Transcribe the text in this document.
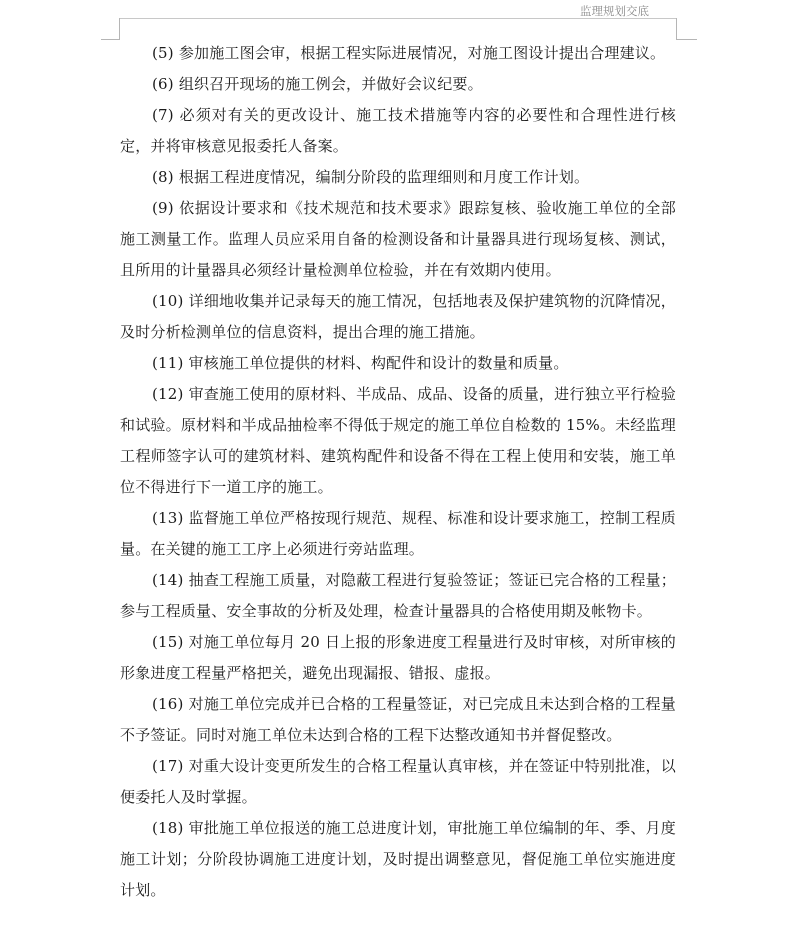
监理规划交底

(5) 参加施工图会审，根据工程实际进展情况，对施工图设计提出合理建议。

(6) 组织召开现场的施工例会，并做好会议纪要。

(7) 必须对有关的更改设计、施工技术措施等内容的必要性和合理性进行核定，并将审核意见报委托人备案。

(8) 根据工程进度情况，编制分阶段的监理细则和月度工作计划。

(9) 依据设计要求和《技术规范和技术要求》跟踪复核、验收施工单位的全部施工测量工作。监理人员应采用自备的检测设备和计量器具进行现场复核、测试，且所用的计量器具必须经计量检测单位检验，并在有效期内使用。

(10) 详细地收集并记录每天的施工情况，包括地表及保护建筑物的沉降情况，及时分析检测单位的信息资料，提出合理的施工措施。

(11) 审核施工单位提供的材料、构配件和设计的数量和质量。

(12) 审查施工使用的原材料、半成品、成品、设备的质量，进行独立平行检验和试验。原材料和半成品抽检率不得低于规定的施工单位自检数的 15%。未经监理工程师签字认可的建筑材料、建筑构配件和设备不得在工程上使用和安装，施工单位不得进行下一道工序的施工。

(13) 监督施工单位严格按现行规范、规程、标准和设计要求施工，控制工程质量。在关键的施工工序上必须进行旁站监理。

(14) 抽查工程施工质量，对隐蔽工程进行复验签证；签证已完合格的工程量；参与工程质量、安全事故的分析及处理，检查计量器具的合格使用期及帐物卡。

(15) 对施工单位每月 20 日上报的形象进度工程量进行及时审核，对所审核的形象进度工程量严格把关，避免出现漏报、错报、虚报。

(16) 对施工单位完成并已合格的工程量签证，对已完成且未达到合格的工程量不予签证。同时对施工单位未达到合格的工程下达整改通知书并督促整改。

(17) 对重大设计变更所发生的合格工程量认真审核，并在签证中特别批准，以便委托人及时掌握。

(18) 审批施工单位报送的施工总进度计划，审批施工单位编制的年、季、月度施工计划；分阶段协调施工进度计划，及时提出调整意见，督促施工单位实施进度计划。
